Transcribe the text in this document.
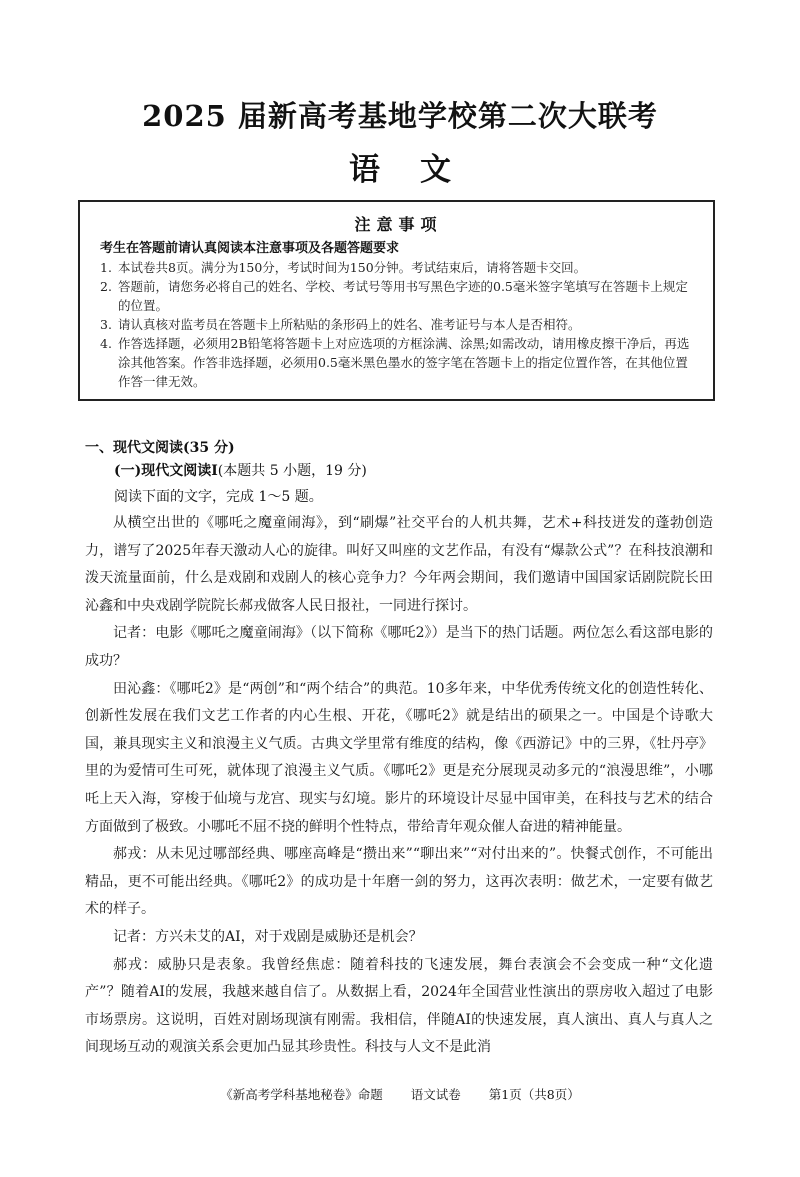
2025 届新高考基地学校第二次大联考
语文
注意事项
考生在答题前请认真阅读本注意事项及各题答题要求
1. 本试卷共8页。满分为150分，考试时间为150分钟。考试结束后，请将答题卡交回。
2. 答题前，请您务必将自己的姓名、学校、考试号等用书写黑色字迹的0.5毫米签字笔填写在答题卡上规定的位置。
3. 请认真核对监考员在答题卡上所粘贴的条形码上的姓名、准考证号与本人是否相符。
4. 作答选择题，必须用2B铅笔将答题卡上对应选项的方框涂满、涂黑;如需改动，请用橡皮擦干净后，再选涂其他答案。作答非选择题，必须用0.5毫米黑色墨水的签字笔在答题卡上的指定位置作答，在其他位置作答一律无效。
一、现代文阅读(35 分)
(一)现代文阅读Ⅰ(本题共 5 小题，19 分)
阅读下面的文字，完成 1～5 题。

从横空出世的《哪吒之魔童闹海》，到“刷爆”社交平台的人机共舞，艺术+科技迸发的蓬勃创造力，谱写了2025年春天激动人心的旋律。叫好又叫座的文艺作品，有没有“爆款公式”？在科技浪潮和泼天流量面前，什么是戏剧和戏剧人的核心竞争力？今年两会期间，我们邀请中国国家话剧院院长田沁鑫和中央戏剧学院院长郝戎做客人民日报社，一同进行探讨。

记者：电影《哪吒之魔童闹海》（以下简称《哪吒2》）是当下的热门话题。两位怎么看这部电影的成功？

田沁鑫：《哪吒2》是“两创”和“两个结合”的典范。10多年来，中华优秀传统文化的创造性转化、创新性发展在我们文艺工作者的内心生根、开花，《哪吒2》就是结出的硕果之一。中国是个诗歌大国，兼具现实主义和浪漫主义气质。古典文学里常有维度的结构，像《西游记》中的三界，《牡丹亭》里的为爱情可生可死，就体现了浪漫主义气质。《哪吒2》更是充分展现灵动多元的“浪漫思维”，小哪吒上天入海，穿梭于仙境与龙宫、现实与幻境。影片的环境设计尽显中国审美，在科技与艺术的结合方面做到了极致。小哪吒不屈不挠的鲜明个性特点，带给青年观众催人奋进的精神能量。

郝戎：从未见过哪部经典、哪座高峰是“攒出来”“聊出来”“对付出来的”。快餐式创作，不可能出精品，更不可能出经典。《哪吒2》的成功是十年磨一剑的努力，这再次表明：做艺术，一定要有做艺术的样子。

记者：方兴未艾的AI，对于戏剧是威胁还是机会？

郝戎：威胁只是表象。我曾经焦虑：随着科技的飞速发展，舞台表演会不会变成一种“文化遗产”？随着AI的发展，我越来越自信了。从数据上看，2024年全国营业性演出的票房收入超过了电影市场票房。这说明，百姓对剧场现演有刚需。我相信，伴随AI的快速发展，真人演出、真人与真人之间现场互动的观演关系会更加凸显其珍贵性。科技与人文不是此消

《新高考学科基地秘卷》命题 语文试卷 第1页（共8页）
